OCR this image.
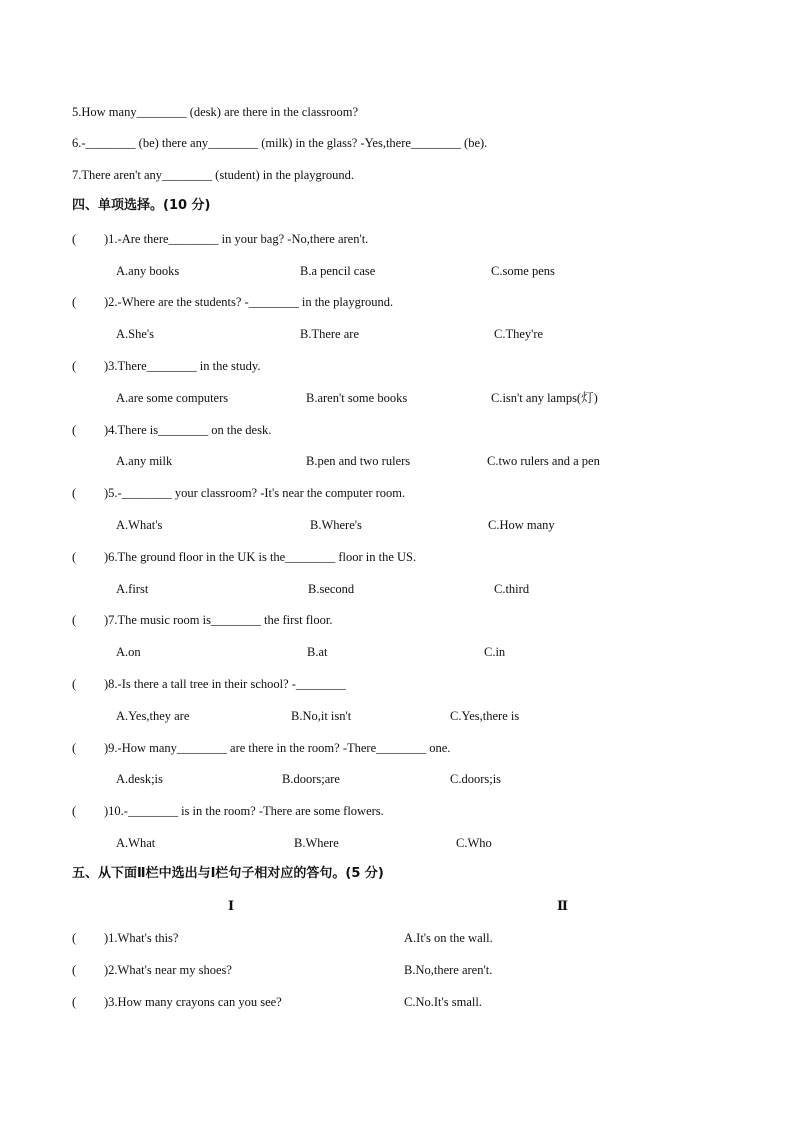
5.How many________ (desk) are there in the classroom?
6.-________ (be) there any________ (milk) in the glass? -Yes,there________ (be).
7.There aren't any________ (student) in the playground.
四、单项选择。(10 分)
( )1.-Are there________ in your bag? -No,there aren't.
A.any books	B.a pencil case	C.some pens
( )2.-Where are the students? -________ in the playground.
A.She's	B.There are	C.They're
( )3.There________ in the study.
A.are some computers	B.aren't some books	C.isn't any lamps(灯)
( )4.There is________ on the desk.
A.any milk	B.pen and two rulers	C.two rulers and a pen
( )5.-________ your classroom? -It's near the computer room.
A.What's	B.Where's	C.How many
( )6.The ground floor in the UK is the________ floor in the US.
A.first	B.second	C.third
( )7.The music room is________ the first floor.
A.on	B.at	C.in
( )8.-Is there a tall tree in their school? -________
A.Yes,they are	B.No,it isn't	C.Yes,there is
( )9.-How many________ are there in the room? -There________ one.
A.desk;is	B.doors;are	C.doors;is
( )10.-________ is in the room? -There are some flowers.
A.What	B.Where	C.Who
五、从下面Ⅱ栏中选出与Ⅰ栏句子相对应的答句。(5 分)
Ⅰ	Ⅱ
( )1.What's this?	A.It's on the wall.
( )2.What's near my shoes?	B.No,there aren't.
( )3.How many crayons can you see?	C.No.It's small.
